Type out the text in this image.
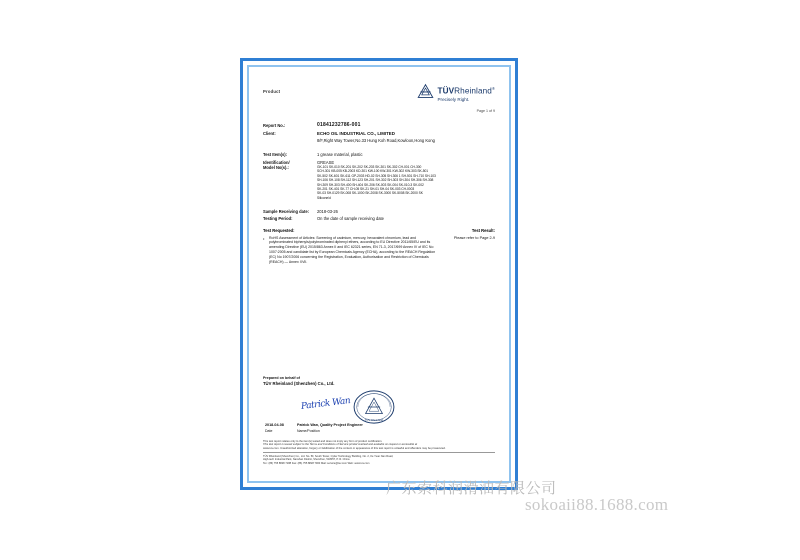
Product	TÜVRheinland®
Precisely Right.
Page 1 of 9
Report No.:	01841232786-001
Client:	ECHO OIL INDUSTRIAL CO., LIMITED
8/F,Right Way Tower,No.33 Hung Koh Road,Kowloon,Hong Kong
Test Item(s):	1 grease material, plastic
Identification/
Model No(s).:
GREASE
GK-101 SK-010 SK-201 SK-202 SK-203 SK-301 SK-302 CH-001 CH-300
SCH-301 KB-005 KB-2003 KD-301 KW-100 KW-301 KW-302 KW-303 SK-501
SK-502 SK-601 SK-611 GP-2003 HD-02 SH-305 SH-306 1 SH-501 SH-710 SH-103
SH-106 SH-108 SH-112 SH-123 SH-201 SH-302 SH-303 SH-304 SH-306 SH-308
SH-309 SH-303 SH-400 SH-404 SK-206 SK-003 SK-004 SK-010-3 SK-002
SK-201 SK-401 SK-77 CH-05 SK-21 SH-01 SH-04 SK-003 CH-0003
SK-03 SH-0129 SK-008 SK-1000 SK-2008 SK-3000 SK-5008 SK-2000 SK
Silicone/d
Sample Receiving date:	2018-03-26
Testing Period:	On the date of sample receiving date
Test Requested:	Test Result:
•	RoHS Assessment of Articles: Screening of cadmium, mercury, hexavalent chromium, lead and polybrominated biphenyls/polybrominated diphenyl ethers, according to EU Directive 2011/65/EU and its amending Directive (EU) 2015/863 Annex II and IEC 62321 series, EN 71-3, 2017/699 Annex IV of IEC No 1007:2005 and candidate list by European Chemicals Agency (ECHA), according to the REACH Regulation (EC) No 1907/2006 concerning the Registration, Evaluation, Authorisation and Restriction of Chemicals (REACH) — Annex XVII.
Please refer to Page 2-9
Prepared on behalf of
TÜV Rheinland (Shenzhen) Co., Ltd.
Patrick Wan
TÜV Rheinland
2018-04-08	Patrick Wan, Quality Project Engineer
Date	Name/Position
This test report relates only to the item(s) tested and does not imply any form of product certification.
This test report is issued subject to the Terms and Conditions of Service printed overleaf and available on request or accessible at
www.tuv.com. Unauthorized alteration, forgery or falsification of the content or appearance of this test report is unlawful and offenders may be prosecuted.
TÜV Rheinland (Shenzhen) Co., Ltd. No. 5F, South Tower, Cyber Technology Building, No. 2, Ke Yuan Nan Road,
High-tech Industrial Park, Nanshan District, Shenzhen, 518057, P. R. China
Tel.: (86) 755 8828 7188 Fax: (86) 755 8828 7000 Mail: service@tuv.com Web: www.tuv.com
广东索科润滑油有限公司
sokoaii88.1688.com
